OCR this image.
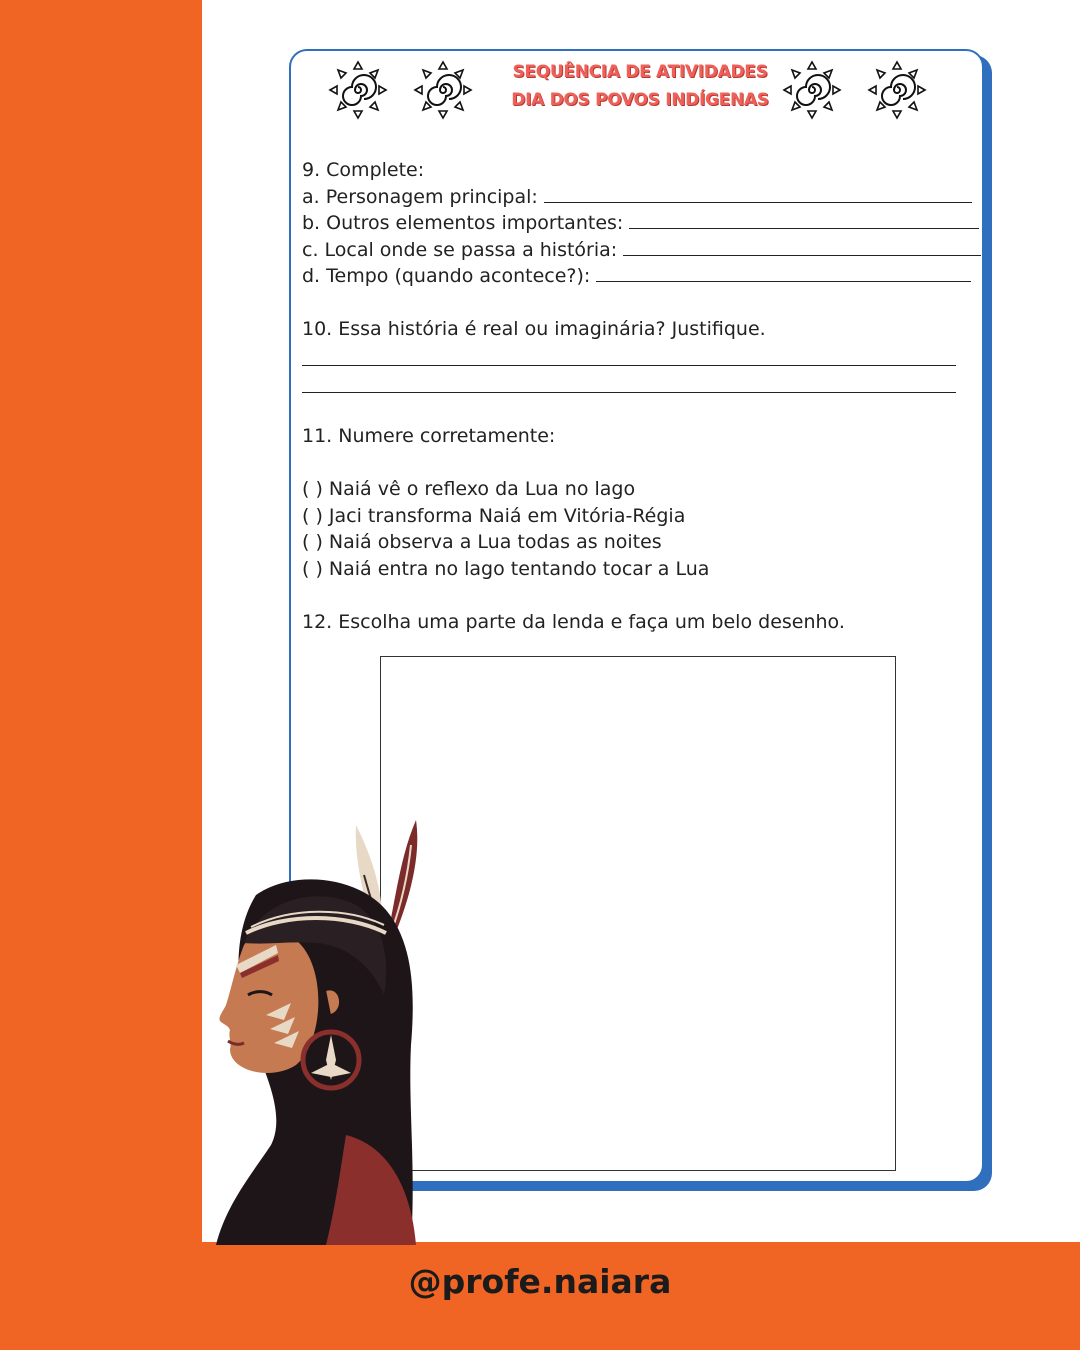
SEQUÊNCIA DE ATIVIDADES
DIA DOS POVOS INDÍGENAS
9. Complete:
a. Personagem principal:
b. Outros elementos importantes:
c. Local onde se passa a história:
d. Tempo (quando acontece?):
10. Essa história é real ou imaginária? Justifique.
11. Numere corretamente:
( ) Naiá vê o reflexo da Lua no lago
( ) Jaci transforma Naiá em Vitória-Régia
( ) Naiá observa a Lua todas as noites
( ) Naiá entra no lago tentando tocar a Lua
12. Escolha uma parte da lenda e faça um belo desenho.
@profe.naiara
